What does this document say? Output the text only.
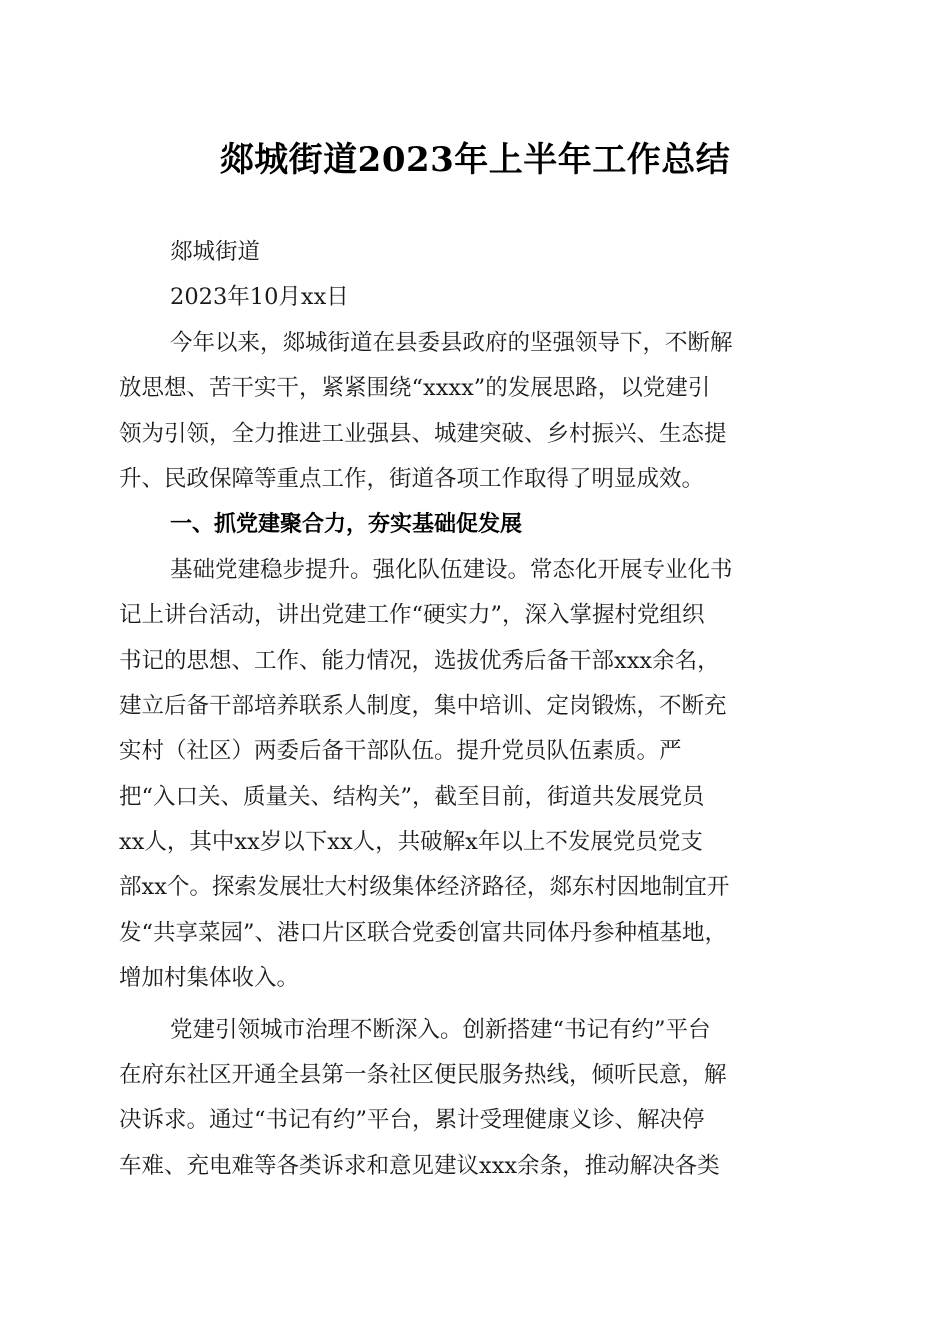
郯城街道2023年上半年工作总结
郯城街道
2023年10月xx日
今年以来，郯城街道在县委县政府的坚强领导下，不断解
放思想、苦干实干，紧紧围绕“xxxx”的发展思路，以党建引
领为引领，全力推进工业强县、城建突破、乡村振兴、生态提
升、民政保障等重点工作，街道各项工作取得了明显成效。
一、抓党建聚合力，夯实基础促发展
基础党建稳步提升。强化队伍建设。常态化开展专业化书
记上讲台活动，讲出党建工作“硬实力”，深入掌握村党组织
书记的思想、工作、能力情况，选拔优秀后备干部xxx余名，
建立后备干部培养联系人制度，集中培训、定岗锻炼，不断充
实村（社区）两委后备干部队伍。提升党员队伍素质。严
把“入口关、质量关、结构关”，截至目前，街道共发展党员
xx人，其中xx岁以下xx人，共破解x年以上不发展党员党支
部xx个。探索发展壮大村级集体经济路径，郯东村因地制宜开
发“共享菜园”、港口片区联合党委创富共同体丹参种植基地，
增加村集体收入。
党建引领城市治理不断深入。创新搭建“书记有约”平台
在府东社区开通全县第一条社区便民服务热线，倾听民意，解
决诉求。通过“书记有约”平台，累计受理健康义诊、解决停
车难、充电难等各类诉求和意见建议xxx余条，推动解决各类
